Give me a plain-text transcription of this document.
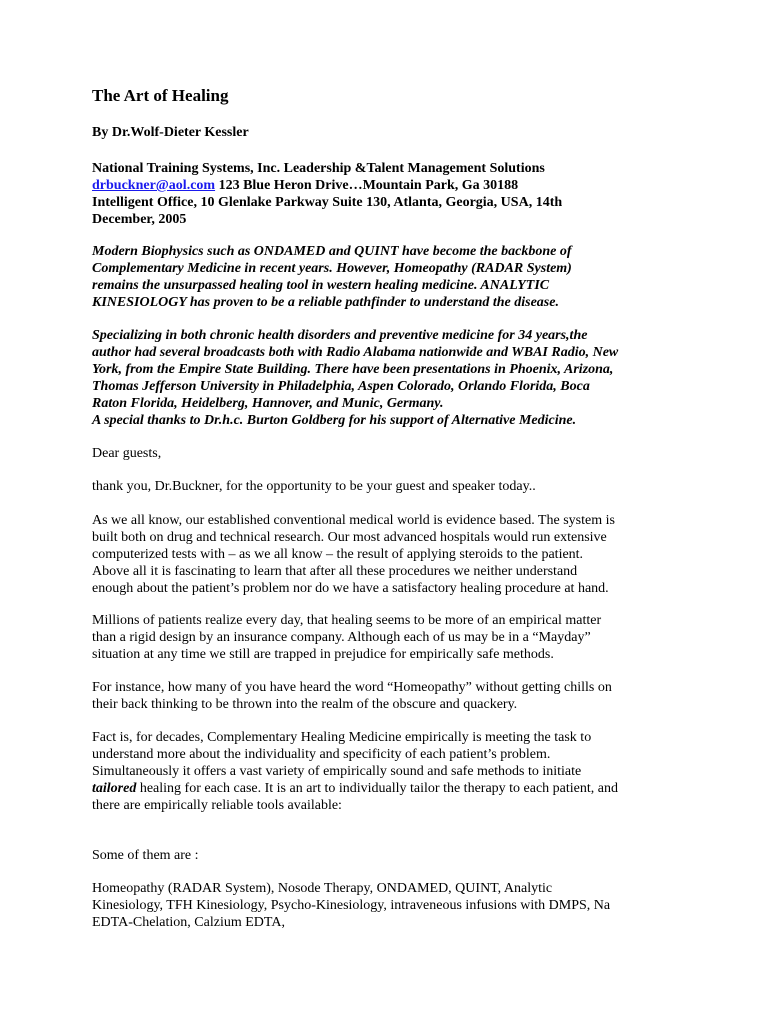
The Art of Healing

By Dr.Wolf-Dieter Kessler

National Training Systems, Inc. Leadership &Talent Management Solutions
drbuckner@aol.com 123 Blue Heron Drive…Mountain Park, Ga 30188
Intelligent Office, 10 Glenlake Parkway Suite 130, Atlanta, Georgia, USA, 14th
December, 2005
Modern Biophysics such as ONDAMED and QUINT have become the backbone of
Complementary Medicine in recent years. However, Homeopathy (RADAR System)
remains the unsurpassed healing tool in western healing medicine. ANALYTIC
KINESIOLOGY has proven to be a reliable pathfinder to understand the disease.
Specializing in both chronic health disorders and preventive medicine for 34 years,the
author had several broadcasts both with Radio Alabama nationwide and WBAI Radio, New
York, from the Empire State Building. There have been presentations in Phoenix, Arizona,
Thomas Jefferson University in Philadelphia, Aspen Colorado, Orlando Florida, Boca
Raton Florida, Heidelberg, Hannover, and Munic, Germany.
A special thanks to Dr.h.c. Burton Goldberg for his support of Alternative Medicine.
Dear guests,
thank you, Dr.Buckner, for the opportunity to be your guest and speaker today..
As we all know, our established conventional medical world is evidence based. The system is
built both on drug and technical research. Our most advanced hospitals would run extensive
computerized tests with – as we all know – the result of applying steroids to the patient.
Above all it is fascinating to learn that after all these procedures we neither understand
enough about the patient’s problem nor do we have a satisfactory healing procedure at hand.
Millions of patients realize every day, that healing seems to be more of an empirical matter
than a rigid design by an insurance company. Although each of us may be in a “Mayday”
situation at any time we still are trapped in prejudice for empirically safe methods.
For instance, how many of you have heard the word “Homeopathy” without getting chills on
their back thinking to be thrown into the realm of the obscure and quackery.
Fact is, for decades, Complementary Healing Medicine empirically is meeting the task to
understand more about the individuality and specificity of each patient’s problem.
Simultaneously it offers a vast variety of empirically sound and safe methods to initiate
tailored healing for each case. It is an art to individually tailor the therapy to each patient, and
there are empirically reliable tools available:
Some of them are :
Homeopathy (RADAR System), Nosode Therapy, ONDAMED, QUINT, Analytic
Kinesiology, TFH Kinesiology, Psycho-Kinesiology, intraveneous infusions with DMPS, Na
EDTA-Chelation, Calzium EDTA,
